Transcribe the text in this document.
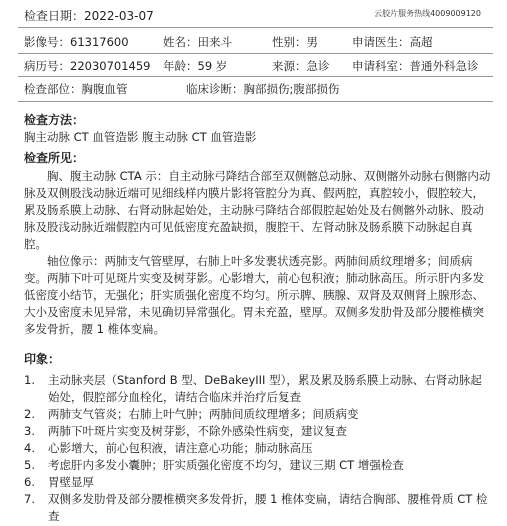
检查日期：2022-03-07	云胶片服务热线4009009120
影像号：61317600	姓名：田来斗	性别：男	申请医生：高超
病历号：22030701459 年龄：59 岁	来源：急诊 申请科室：普通外科急诊
检查部位：胸腹血管	临床诊断：胸部损伤;腹部损伤
检查方法：
胸主动脉 CT 血管造影 腹主动脉 CT 血管造影
检查所见：
胸、腹主动脉 CTA 示：自主动脉弓降结合部至双侧髂总动脉、双侧髂外动脉右侧髂内动脉及双侧股浅动脉近端可见细线样内膜片影将管腔分为真、假两腔，真腔较小，假腔较大，累及肠系膜上动脉、右肾动脉起始处，主动脉弓降结合部假腔起始处及右侧髂外动脉、股动脉及股浅动脉近端假腔内可见低密度充盈缺损，腹腔干、左肾动脉及肠系膜下动脉起自真腔。
轴位像示：两肺支气管壁厚，右肺上叶多发裹状透亮影。两肺间质纹理增多；间质病变。两肺下叶可见斑片实变及树芽影。心影增大，前心包积液；肺动脉高压。所示肝内多发低密度小结节，无强化；肝实质强化密度不均匀。所示脾、胰腺、双肾及双侧肾上腺形态、大小及密度未见异常，未见确切异常强化。胃未充盈，壁厚。双侧多发肋骨及部分腰椎横突多发骨折，腰 1 椎体变扁。
印象：
1.	主动脉夹层（Stanford B 型、DeBakeyIII 型），累及累及肠系膜上动脉、右肾动脉起始处，假腔部分血栓化，请结合临床并治疗后复查
2.	两肺支气管炎；右肺上叶气肿；两肺间质纹理增多；间质病变
3.	两肺下叶斑片实变及树芽影，不除外感染性病变，建议复查
4.	心影增大，前心包积液，请注意心功能；肺动脉高压
5.	考虑肝内多发小囊肿；肝实质强化密度不均匀，建议三期 CT 增强检查
6.	胃壁显厚
7.	双侧多发肋骨及部分腰椎横突多发骨折，腰 1 椎体变扁，请结合胸部、腰椎骨质 CT 检查
